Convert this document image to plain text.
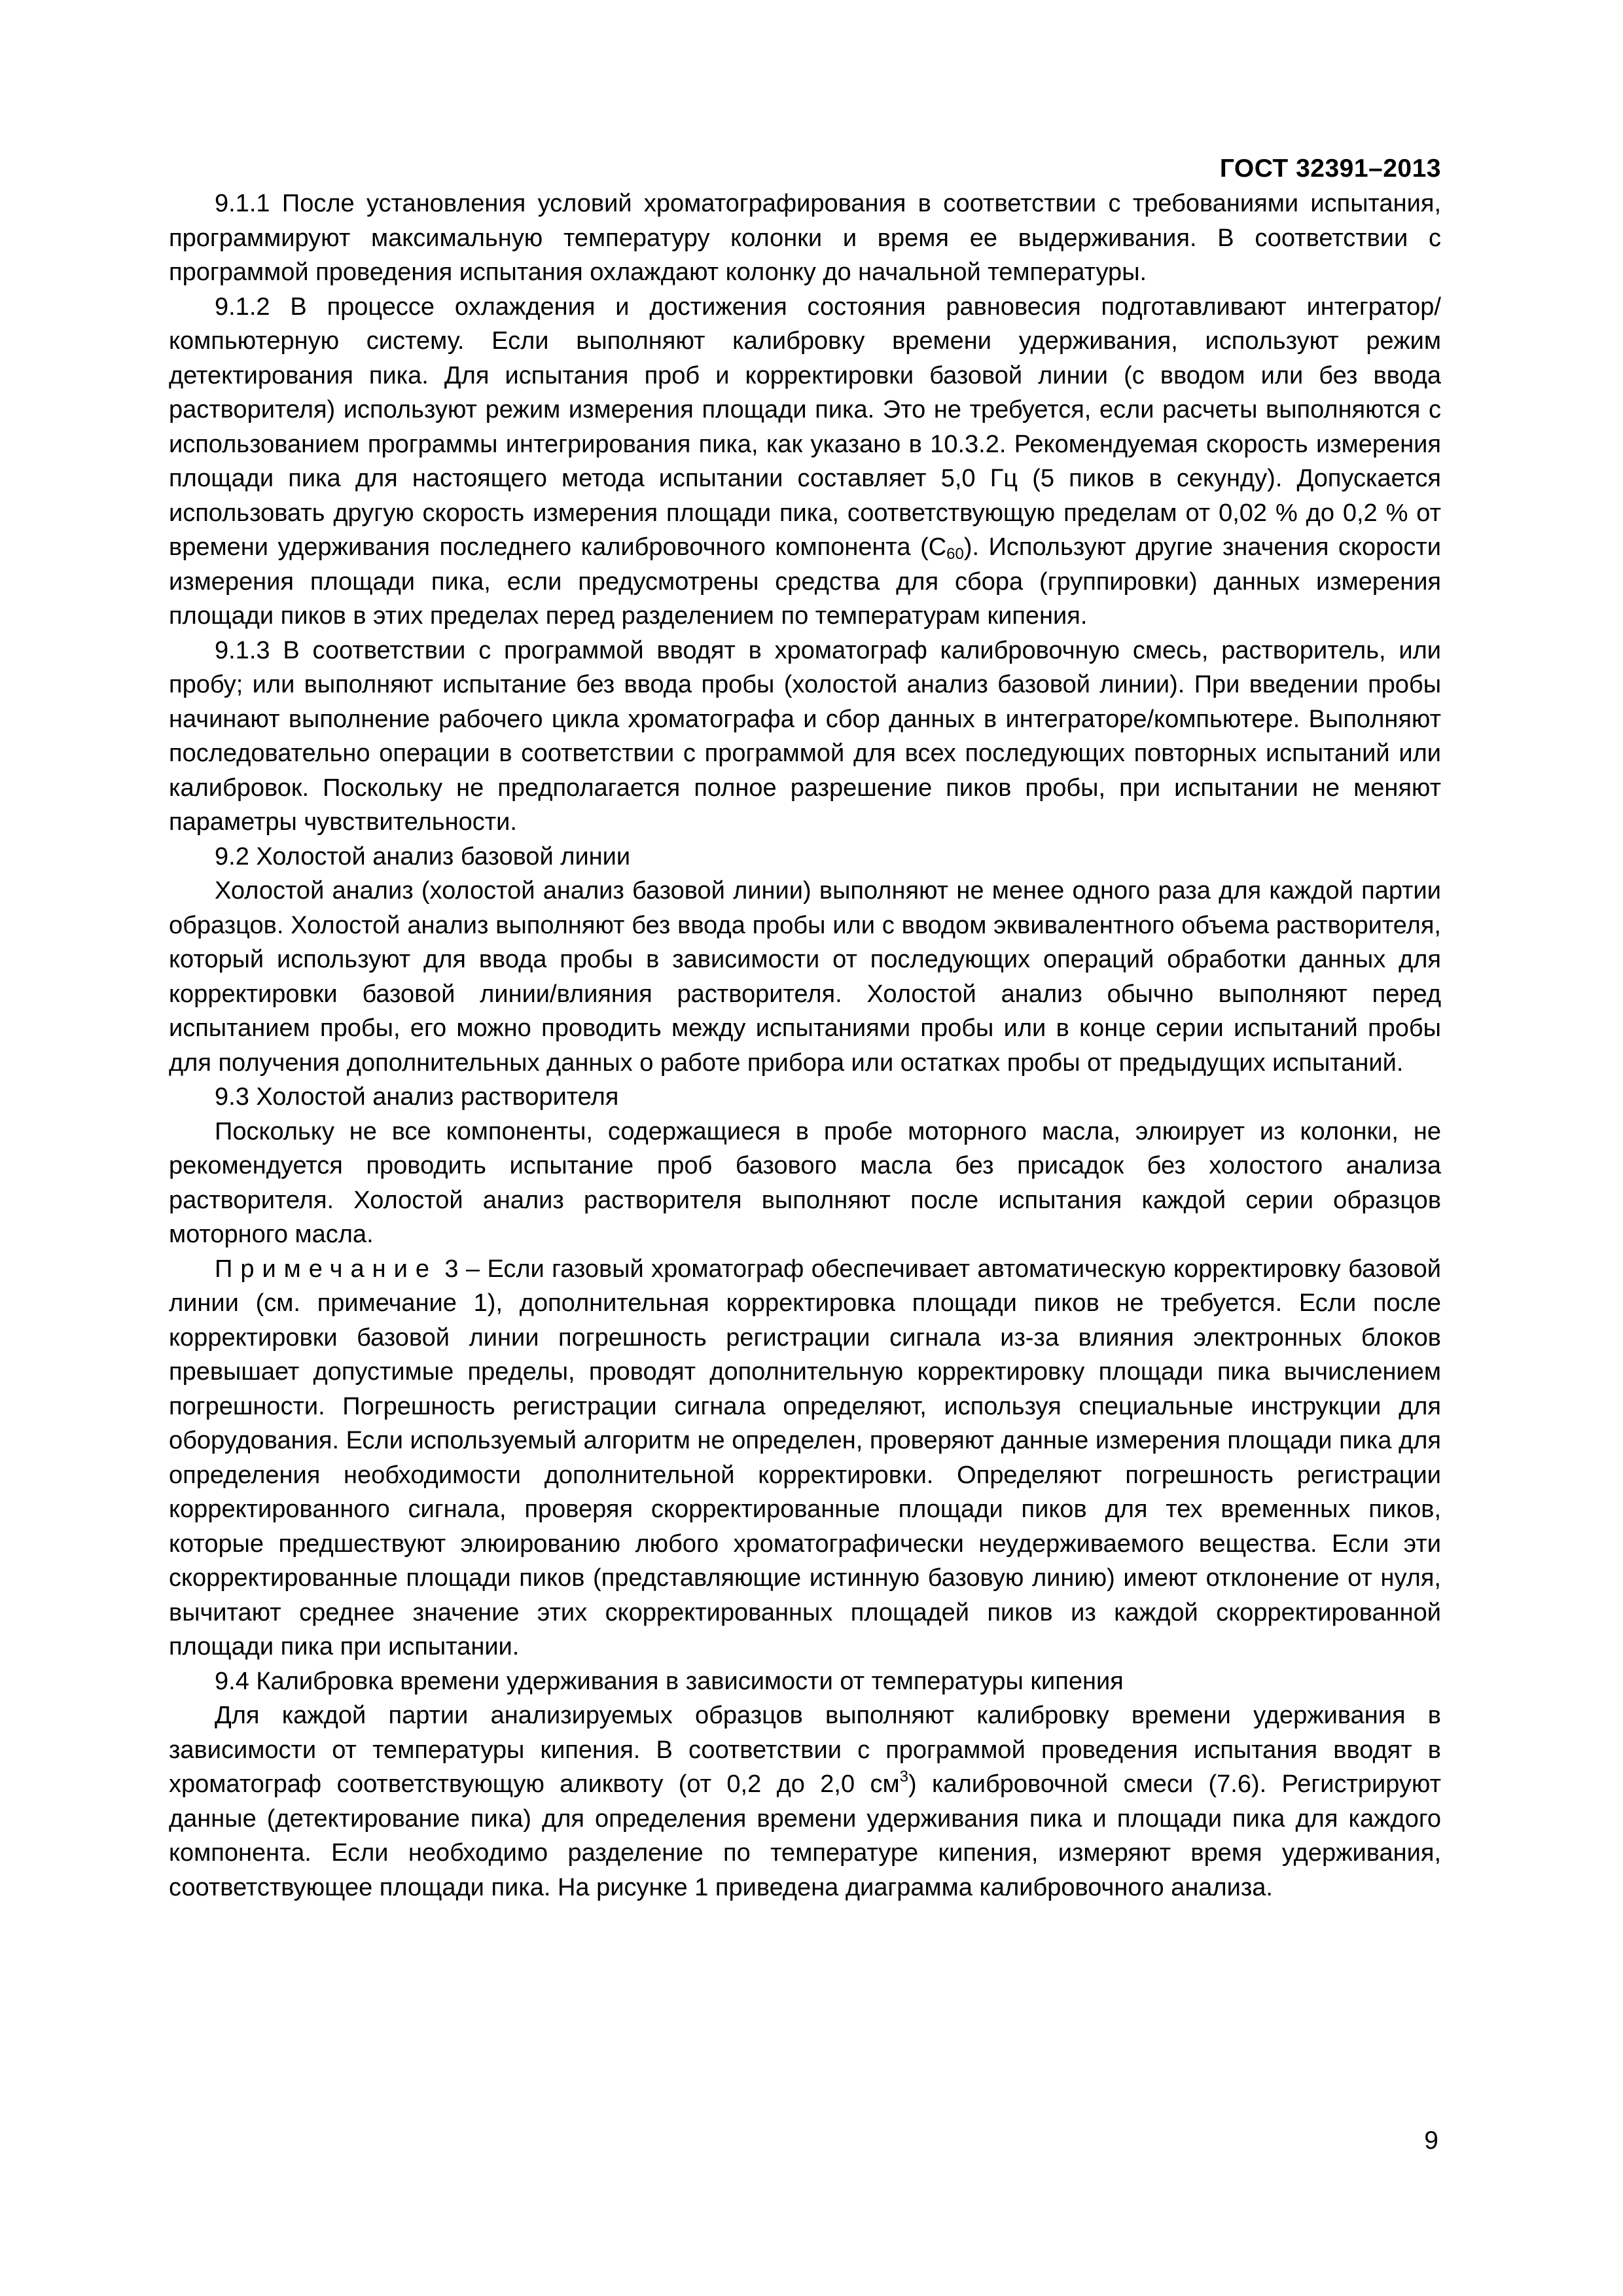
ГОСТ 32391–2013

9.1.1 После установления условий хроматографирования в соответствии с требованиями испытания, программируют максимальную температуру колонки и время ее выдерживания. В соответствии с программой проведения испытания охлаждают колонку до начальной температуры.

9.1.2 В процессе охлаждения и достижения состояния равновесия подготавливают интегратор/компьютерную систему. Если выполняют калибровку времени удерживания, используют режим детектирования пика. Для испытания проб и корректировки базовой линии (с вводом или без ввода растворителя) используют режим измерения площади пика. Это не требуется, если расчеты выполняются с использованием программы интегрирования пика, как указано в 10.3.2. Рекомендуемая скорость измерения площади пика для настоящего метода испытании составляет 5,0 Гц (5 пиков в секунду). Допускается использовать другую скорость измерения площади пика, соответствующую пределам от 0,02 % до 0,2 % от времени удерживания последнего калибровочного компонента $(C_{60})$. Используют другие значения скорости измерения площади пика, если предусмотрены средства для сбора (группировки) данных измерения площади пиков в этих пределах перед разделением по температурам кипения.

9.1.3 В соответствии с программой вводят в хроматограф калибровочную смесь, растворитель, или пробу; или выполняют испытание без ввода пробы (холостой анализ базовой линии). При введении пробы начинают выполнение рабочего цикла хроматографа и сбор данных в интеграторе/компьютере. Выполняют последовательно операции в соответствии с программой для всех последующих повторных испытаний или калибровок. Поскольку не предполагается полное разрешение пиков пробы, при испытании не меняют параметры чувствительности.

9.2 Холостой анализ базовой линии

Холостой анализ (холостой анализ базовой линии) выполняют не менее одного раза для каждой партии образцов. Холостой анализ выполняют без ввода пробы или с вводом эквивалентного объема растворителя, который используют для ввода пробы в зависимости от последующих операций обработки данных для корректировки базовой линии/влияния растворителя. Холостой анализ обычно выполняют перед испытанием пробы, его можно проводить между испытаниями пробы или в конце серии испытаний пробы для получения дополнительных данных о работе прибора или остатках пробы от предыдущих испытаний.

9.3 Холостой анализ растворителя

Поскольку не все компоненты, содержащиеся в пробе моторного масла, элюирует из колонки, не рекомендуется проводить испытание проб базового масла без присадок без холостого анализа растворителя. Холостой анализ растворителя выполняют после испытания каждой серии образцов моторного масла.

Примечание 3 – Если газовый хроматограф обеспечивает автоматическую корректировку базовой линии (см. примечание 1), дополнительная корректировка площади пиков не требуется. Если после корректировки базовой линии погрешность регистрации сигнала из-за влияния электронных блоков превышает допустимые пределы, проводят дополнительную корректировку площади пика вычислением погрешности. Погрешность регистрации сигнала определяют, используя специальные инструкции для оборудования. Если используемый алгоритм не определен, проверяют данные измерения площади пика для определения необходимости дополнительной корректировки. Определяют погрешность регистрации корректированного сигнала, проверяя скорректированные площади пиков для тех временных пиков, которые предшествуют элюированию любого хроматографически неудерживаемого вещества. Если эти скорректированные площади пиков (представляющие истинную базовую линию) имеют отклонение от нуля, вычитают среднее значение этих скорректированных площадей пиков из каждой скорректированной площади пика при испытании.

9.4 Калибровка времени удерживания в зависимости от температуры кипения

Для каждой партии анализируемых образцов выполняют калибровку времени удерживания в зависимости от температуры кипения. В соответствии с программой проведения испытания вводят в хроматограф соответствующую аликвоту (от 0,2 до 2,0 $см^3$) калибровочной смеси (7.6). Регистрируют данные (детектирование пика) для определения времени удерживания пика и площади пика для каждого компонента. Если необходимо разделение по температуре кипения, измеряют время удерживания, соответствующее площади пика. На рисунке 1 приведена диаграмма калибровочного анализа.

9
